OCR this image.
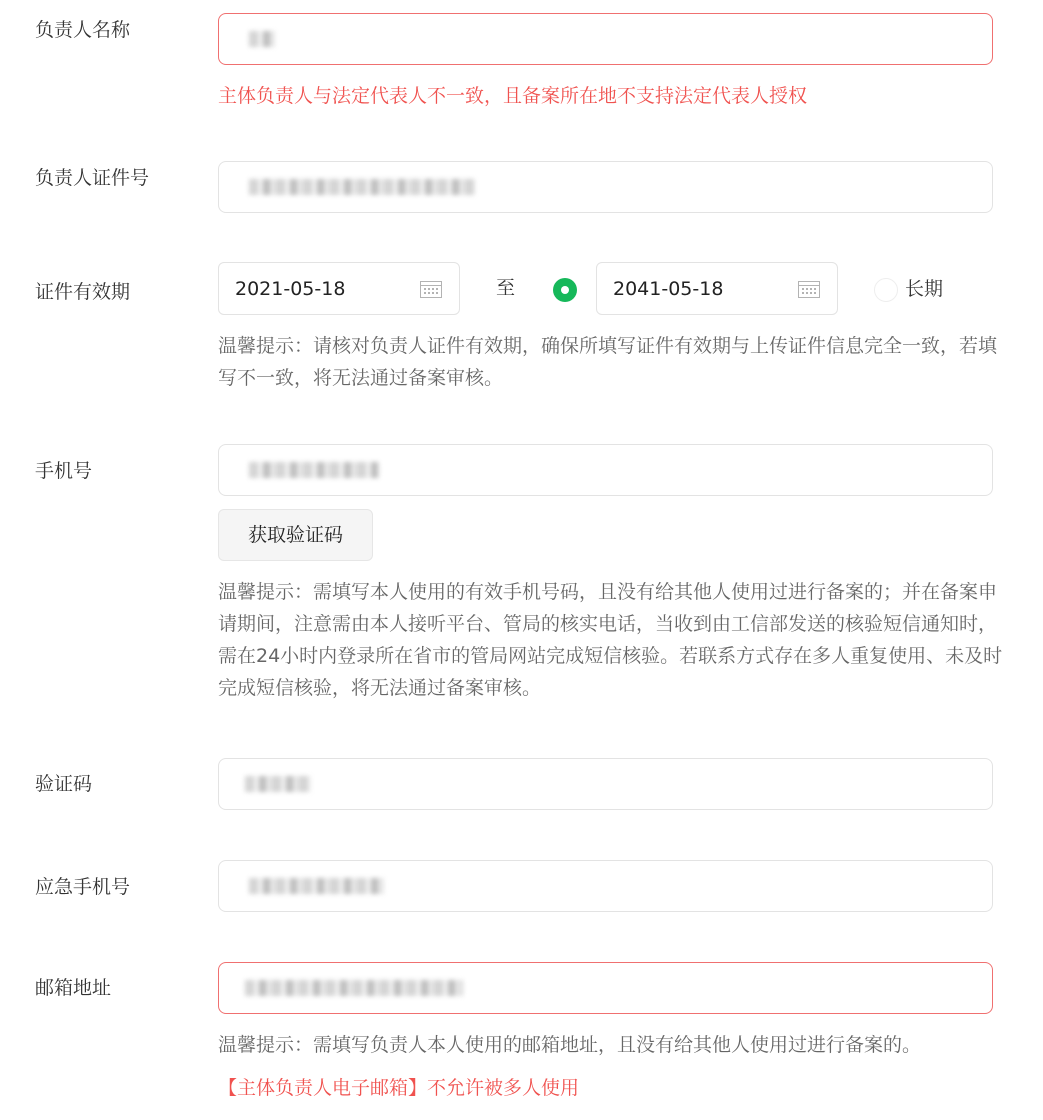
负责人名称
主体负责人与法定代表人不一致，且备案所在地不支持法定代表人授权
负责人证件号
证件有效期	2021-05-18	至	2041-05-18	长期
温馨提示：请核对负责人证件有效期，确保所填写证件有效期与上传证件信息完全一致，若填写不一致，将无法通过备案审核。
手机号
获取验证码
温馨提示：需填写本人使用的有效手机号码，且没有给其他人使用过进行备案的；并在备案申请期间，注意需由本人接听平台、管局的核实电话，当收到由工信部发送的核验短信通知时，需在24小时内登录所在省市的管局网站完成短信核验。若联系方式存在多人重复使用、未及时完成短信核验，将无法通过备案审核。
验证码
应急手机号
邮箱地址
温馨提示：需填写负责人本人使用的邮箱地址，且没有给其他人使用过进行备案的。
【主体负责人电子邮箱】不允许被多人使用
